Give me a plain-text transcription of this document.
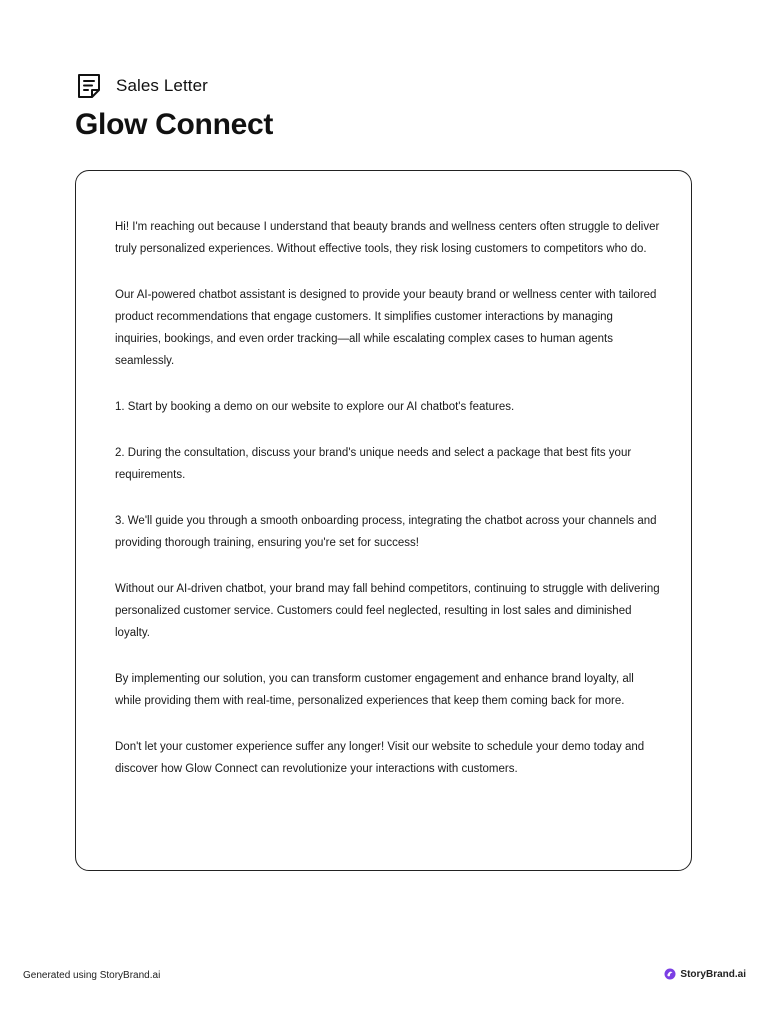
Sales Letter
Glow Connect

Hi! I'm reaching out because I understand that beauty brands and wellness centers often struggle to deliver truly personalized experiences. Without effective tools, they risk losing customers to competitors who do.

Our AI-powered chatbot assistant is designed to provide your beauty brand or wellness center with tailored product recommendations that engage customers. It simplifies customer interactions by managing inquiries, bookings, and even order tracking—all while escalating complex cases to human agents seamlessly.

1. Start by booking a demo on our website to explore our AI chatbot's features.

2. During the consultation, discuss your brand's unique needs and select a package that best fits your requirements.

3. We'll guide you through a smooth onboarding process, integrating the chatbot across your channels and providing thorough training, ensuring you're set for success!

Without our AI-driven chatbot, your brand may fall behind competitors, continuing to struggle with delivering personalized customer service. Customers could feel neglected, resulting in lost sales and diminished loyalty.

By implementing our solution, you can transform customer engagement and enhance brand loyalty, all while providing them with real-time, personalized experiences that keep them coming back for more.

Don't let your customer experience suffer any longer! Visit our website to schedule your demo today and discover how Glow Connect can revolutionize your interactions with customers.

Generated using StoryBrand.ai	StoryBrand.ai
